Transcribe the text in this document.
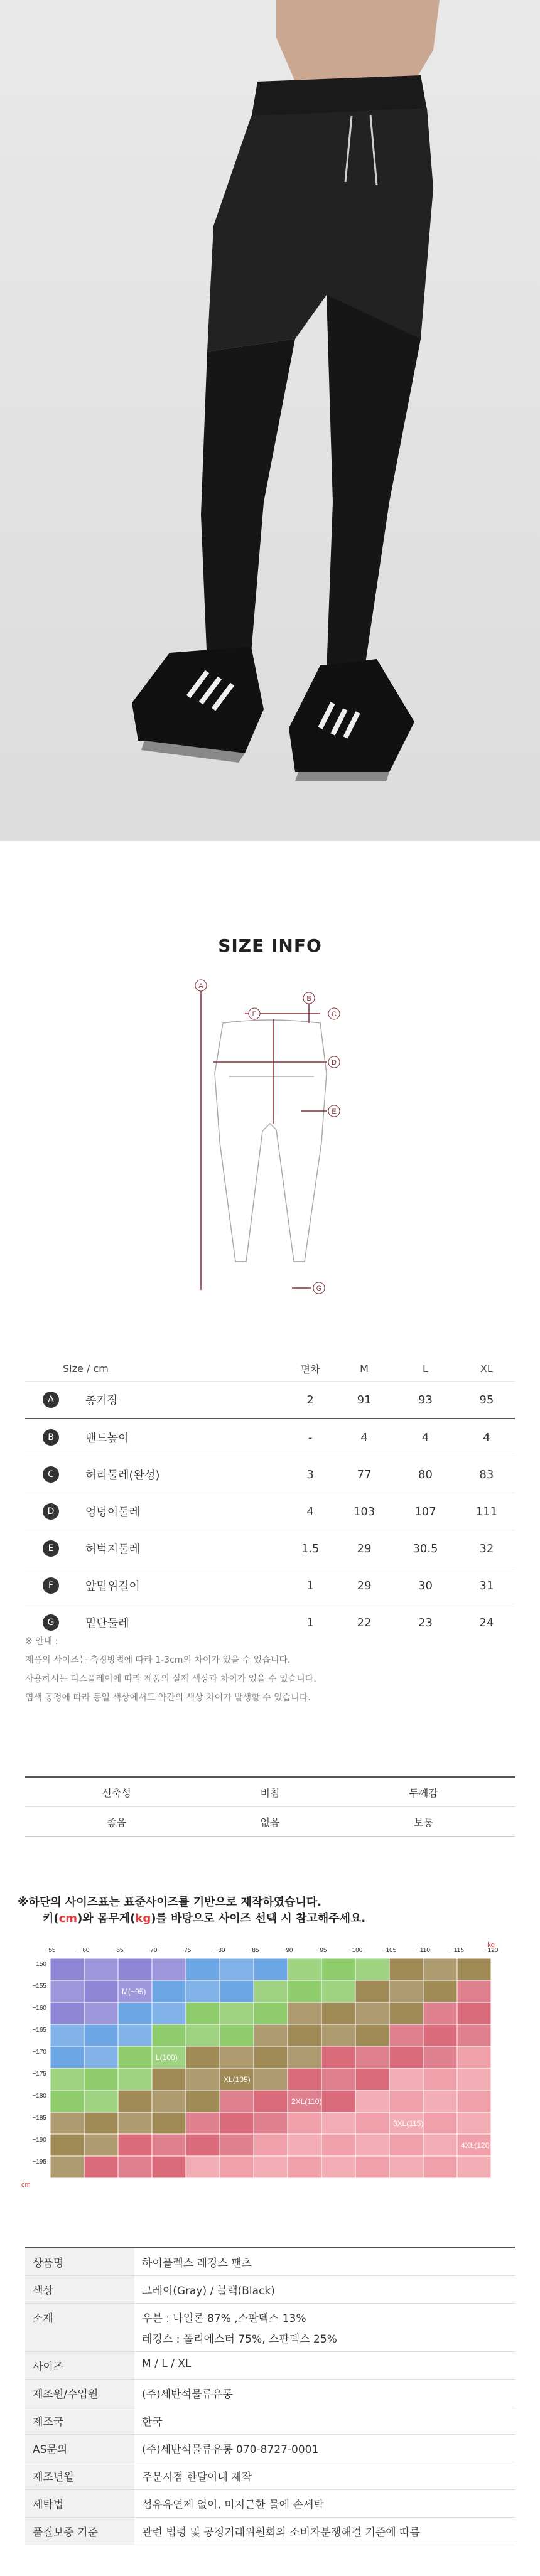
SIZE INFO
A
B
C
D
E
F
G
Size / cm		편차	M	L	XL
A	총기장	2	91	93	95
B	밴드높이	-	4	4	4
C	허리둘레(완성)	3	77	80	83
D	엉덩이둘레	4	103	107	111
E	허벅지둘레	1.5	29	30.5	32
F	앞밑위길이	1	29	30	31
G	밑단둘레	1	22	23	24
※ 안내 :
제품의 사이즈는 측정방법에 따라 1-3cm의 차이가 있을 수 있습니다.
사용하시는 디스플레이에 따라 제품의 실제 색상과 차이가 있을 수 있습니다.
염색 공정에 따라 동일 색상에서도 약간의 색상 차이가 발생할 수 있습니다.
신축성	비침	두께감
좋음	없음	보통
※하단의 사이즈표는 표준사이즈를 기반으로 제작하였습니다.
키(cm)와 몸무게(kg)를 바탕으로 사이즈 선택 시 참고해주세요.
~55	~60	~65	~70	~75	~80	~85	~90	~95	~100	~105	~110	~115	~120
150
~155
~160
~165
~170
~175
~180
~185
~190
~195
kg
cm
M(~95)
L(100)
XL(105)
2XL(110)
3XL(115)
4XL(120~)
상품명	하이플렉스 레깅스 팬츠

색상	그레이(Gray) / 블랙(Black)

소재	우븐 : 나일론 87% ,스판덱스 13%
레깅스 : 폴리에스터 75%, 스판덱스 25%

사이즈	M / L / XL

제조원/수입원	(주)세반석물류유통

제조국	한국

AS문의	(주)세반석물류유통 070-8727-0001

제조년월	주문시점 한달이내 제작

세탁법	섬유유연제 없이, 미지근한 물에 손세탁

품질보증 기준	관련 법령 및 공정거래위원회의 소비자분쟁해결 기준에 따름
